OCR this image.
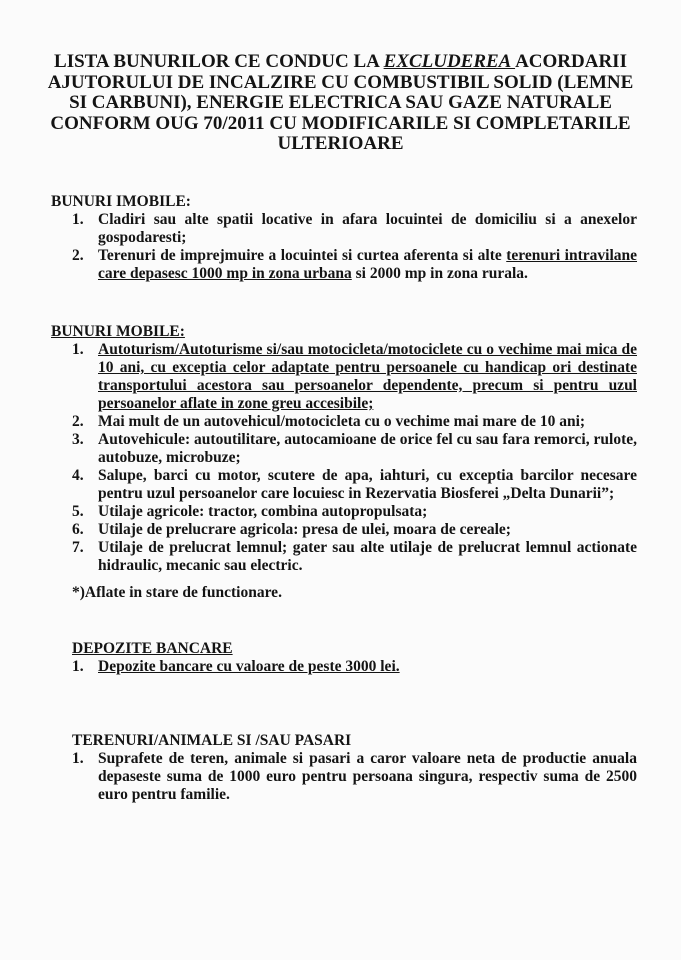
LISTA BUNURILOR CE CONDUC LA EXCLUDEREA ACORDARII AJUTORULUI DE INCALZIRE CU COMBUSTIBIL SOLID (LEMNE SI CARBUNI), ENERGIE ELECTRICA SAU GAZE NATURALE CONFORM OUG 70/2011 CU MODIFICARILE SI COMPLETARILE ULTERIOARE
BUNURI IMOBILE:
1. Cladiri sau alte spatii locative in afara locuintei de domiciliu si a anexelor gospodaresti;
2. Terenuri de imprejmuire a locuintei si curtea aferenta si alte terenuri intravilane care depasesc 1000 mp in zona urbana si 2000 mp in zona rurala.
BUNURI MOBILE:
1. Autoturism/Autoturisme si/sau motocicleta/motociclete cu o vechime mai mica de 10 ani, cu exceptia celor adaptate pentru persoanele cu handicap ori destinate transportului acestora sau persoanelor dependente, precum si pentru uzul persoanelor aflate in zone greu accesibile;
2. Mai mult de un autovehicul/motocicleta cu o vechime mai mare de 10 ani;
3. Autovehicule: autoutilitare, autocamioane de orice fel cu sau fara remorci, rulote, autobuze, microbuze;
4. Salupe, barci cu motor, scutere de apa, iahturi, cu exceptia barcilor necesare pentru uzul persoanelor care locuiesc in Rezervatia Biosferei „Delta Dunarii”;
5. Utilaje agricole: tractor, combina autopropulsata;
6. Utilaje de prelucrare agricola: presa de ulei, moara de cereale;
7. Utilaje de prelucrat lemnul; gater sau alte utilaje de prelucrat lemnul actionate hidraulic, mecanic sau electric.
*)Aflate in stare de functionare.
DEPOZITE BANCARE
1. Depozite bancare cu valoare de peste 3000 lei.
TERENURI/ANIMALE SI /SAU PASARI
1. Suprafete de teren, animale si pasari a caror valoare neta de productie anuala depaseste suma de 1000 euro pentru persoana singura, respectiv suma de 2500 euro pentru familie.
